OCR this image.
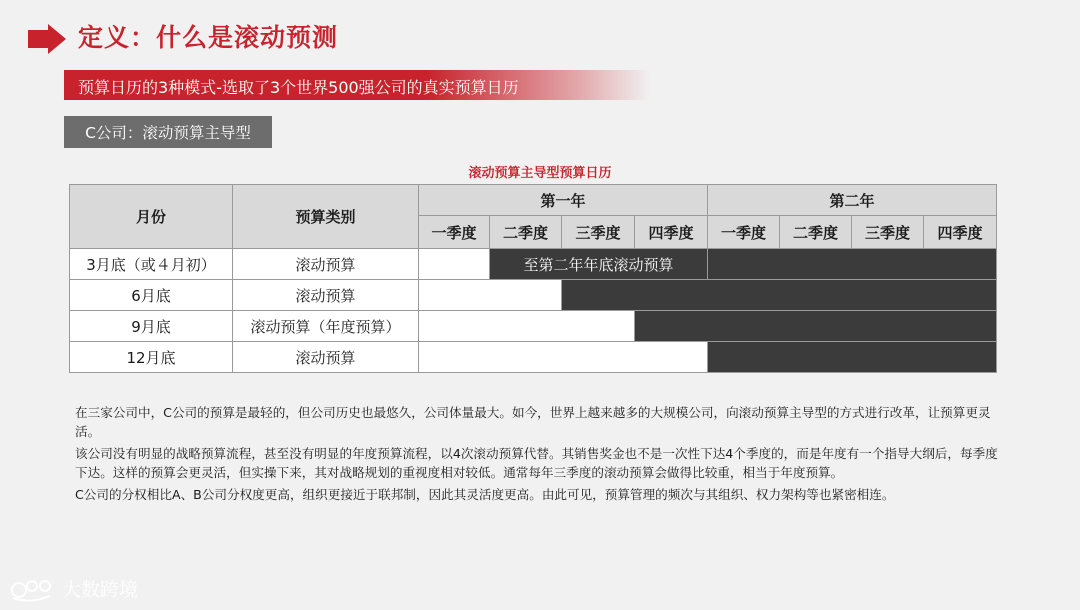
定义：什么是滚动预测
预算日历的3种模式-选取了3个世界500强公司的真实预算日历
C公司：滚动预算主导型
滚动预算主导型预算日历
月份	预算类别	第一年				第二年			
		一季度	二季度	三季度	四季度	一季度	二季度	三季度	四季度
3月底（或４月初）	滚动预算		至第二年年底滚动预算						
6月底	滚动预算								
9月底	滚动预算（年度预算）								
12月底	滚动预算								

在三家公司中，C公司的预算是最轻的，但公司历史也最悠久，公司体量最大。如今，世界上越来越多的大规模公司，向滚动预算主导型的方式进行改革，让预算更灵活。

该公司没有明显的战略预算流程，甚至没有明显的年度预算流程，以4次滚动预算代替。其销售奖金也不是一次性下达4个季度的，而是年度有一个指导大纲后，每季度下达。这样的预算会更灵活，但实操下来，其对战略规划的重视度相对较低。通常每年三季度的滚动预算会做得比较重，相当于年度预算。

C公司的分权相比A、B公司分权度更高，组织更接近于联邦制，因此其灵活度更高。由此可见，预算管理的频次与其组织、权力架构等也紧密相连。

大数跨境
